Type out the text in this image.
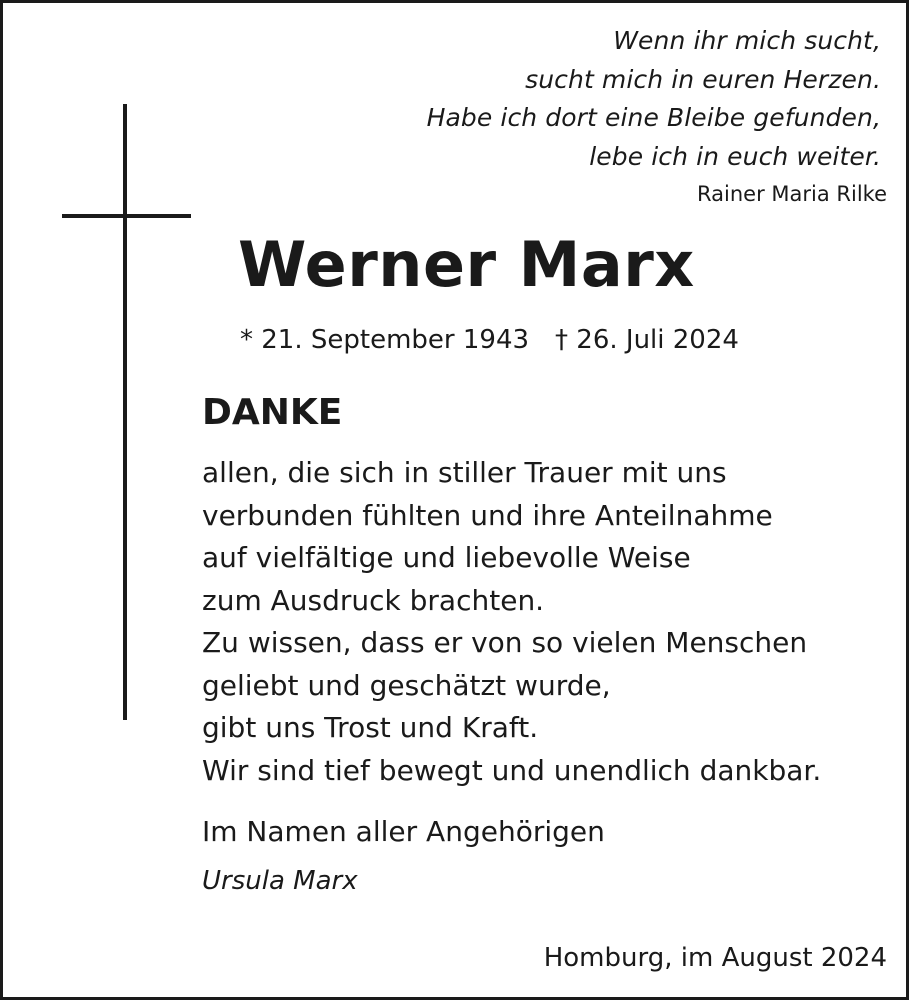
Wenn ihr mich sucht,
sucht mich in euren Herzen.
Habe ich dort eine Bleibe gefunden,
lebe ich in euch weiter.
Rainer Maria Rilke
Werner Marx
* 21. September 1943 † 26. Juli 2024
DANKE
allen, die sich in stiller Trauer mit uns
verbunden fühlten und ihre Anteilnahme
auf vielfältige und liebevolle Weise
zum Ausdruck brachten.
Zu wissen, dass er von so vielen Menschen
geliebt und geschätzt wurde,
gibt uns Trost und Kraft.
Wir sind tief bewegt und unendlich dankbar.
Im Namen aller Angehörigen
Ursula Marx
Homburg, im August 2024
